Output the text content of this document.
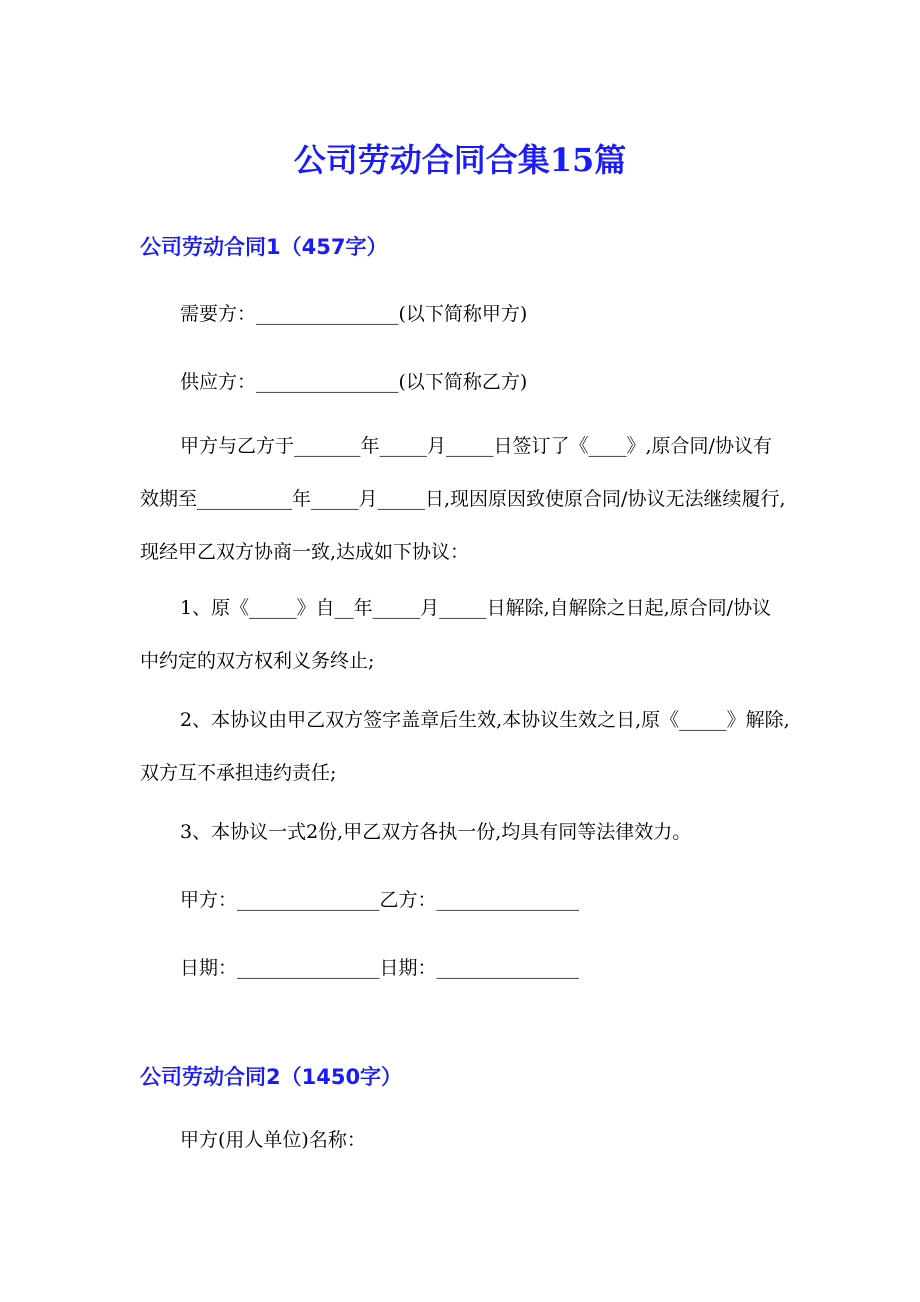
公司劳动合同合集15篇
公司劳动合同1（457字）

需要方：_______________(以下简称甲方)

供应方：_______________(以下简称乙方)

甲方与乙方于_______年_____月_____日签订了《____》,原合同/协议有效期至__________年_____月_____日,现因原因致使原合同/协议无法继续履行,现经甲乙双方协商一致,达成如下协议：

1、原《_____》自__年_____月_____日解除,自解除之日起,原合同/协议中约定的双方权利义务终止;

2、本协议由甲乙双方签字盖章后生效,本协议生效之日,原《_____》解除,双方互不承担违约责任;

3、本协议一式2份,甲乙双方各执一份,均具有同等法律效力。

甲方：_______________乙方：_______________

日期：_______________日期：_______________

公司劳动合同2（1450字）

甲方(用人单位)名称：
